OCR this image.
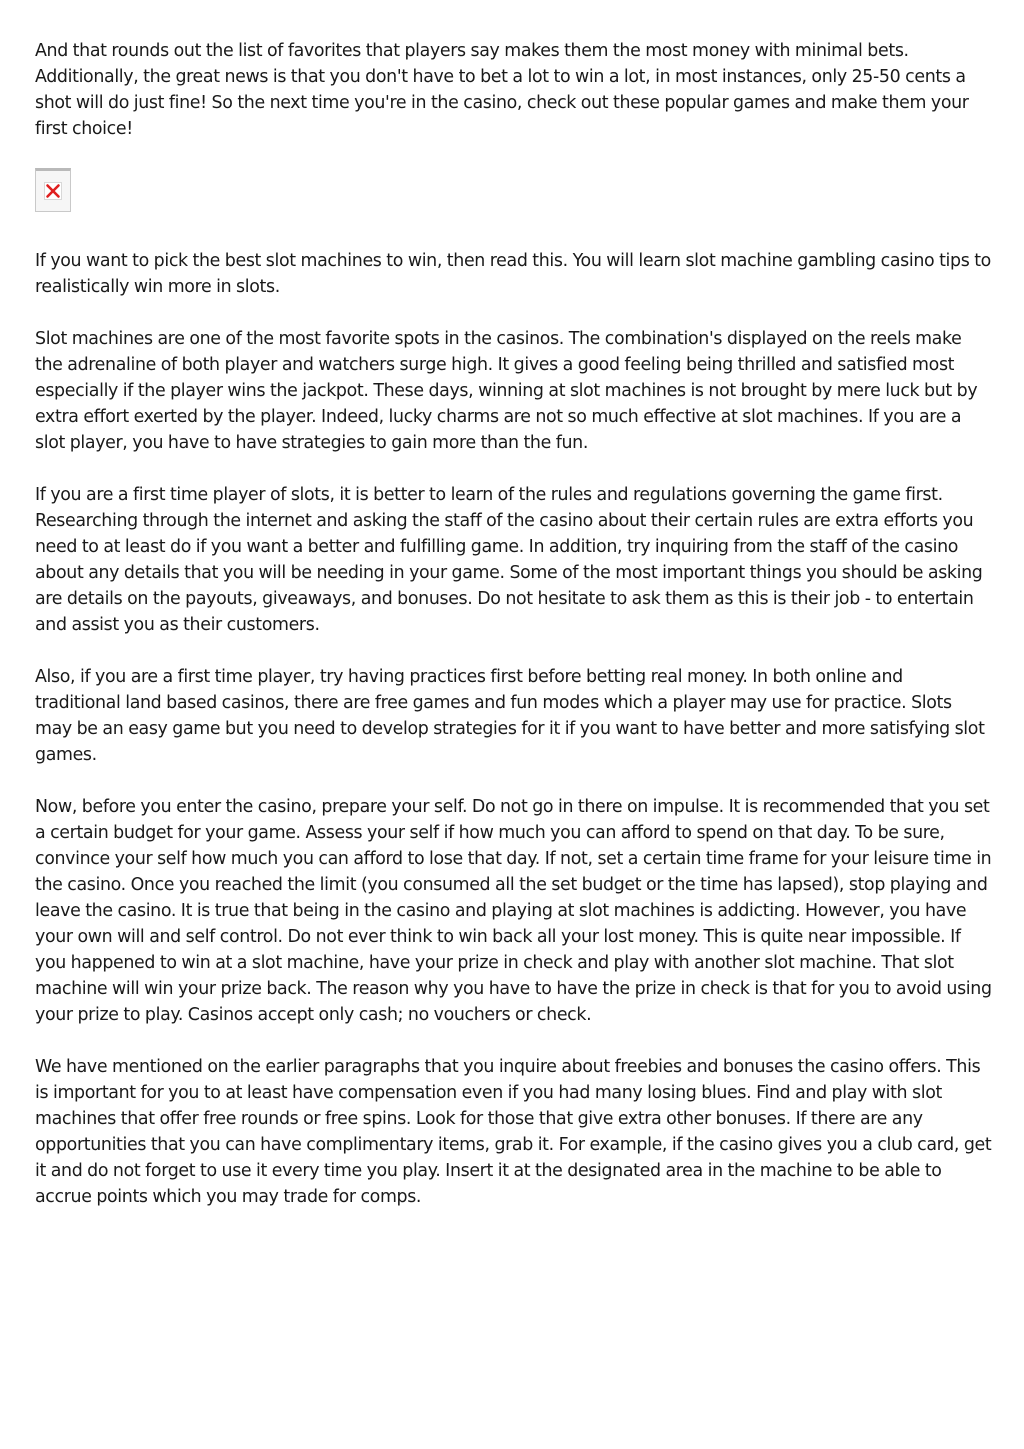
And that rounds out the list of favorites that players say makes them the most money with minimal bets. Additionally, the great news is that you don't have to bet a lot to win a lot, in most instances, only 25-50 cents a shot will do just fine! So the next time you're in the casino, check out these popular games and make them your first choice!

If you want to pick the best slot machines to win, then read this. You will learn slot machine gambling casino tips to realistically win more in slots.

Slot machines are one of the most favorite spots in the casinos. The combination's displayed on the reels make the adrenaline of both player and watchers surge high. It gives a good feeling being thrilled and satisfied most especially if the player wins the jackpot. These days, winning at slot machines is not brought by mere luck but by extra effort exerted by the player. Indeed, lucky charms are not so much effective at slot machines. If you are a slot player, you have to have strategies to gain more than the fun.

If you are a first time player of slots, it is better to learn of the rules and regulations governing the game first. Researching through the internet and asking the staff of the casino about their certain rules are extra efforts you need to at least do if you want a better and fulfilling game. In addition, try inquiring from the staff of the casino about any details that you will be needing in your game. Some of the most important things you should be asking are details on the payouts, giveaways, and bonuses. Do not hesitate to ask them as this is their job - to entertain and assist you as their customers.

Also, if you are a first time player, try having practices first before betting real money. In both online and traditional land based casinos, there are free games and fun modes which a player may use for practice. Slots may be an easy game but you need to develop strategies for it if you want to have better and more satisfying slot games.

Now, before you enter the casino, prepare your self. Do not go in there on impulse. It is recommended that you set a certain budget for your game. Assess your self if how much you can afford to spend on that day. To be sure, convince your self how much you can afford to lose that day. If not, set a certain time frame for your leisure time in the casino. Once you reached the limit (you consumed all the set budget or the time has lapsed), stop playing and leave the casino. It is true that being in the casino and playing at slot machines is addicting. However, you have your own will and self control. Do not ever think to win back all your lost money. This is quite near impossible. If you happened to win at a slot machine, have your prize in check and play with another slot machine. That slot machine will win your prize back. The reason why you have to have the prize in check is that for you to avoid using your prize to play. Casinos accept only cash; no vouchers or check.

We have mentioned on the earlier paragraphs that you inquire about freebies and bonuses the casino offers. This is important for you to at least have compensation even if you had many losing blues. Find and play with slot machines that offer free rounds or free spins. Look for those that give extra other bonuses. If there are any opportunities that you can have complimentary items, grab it. For example, if the casino gives you a club card, get it and do not forget to use it every time you play. Insert it at the designated area in the machine to be able to accrue points which you may trade for comps.
